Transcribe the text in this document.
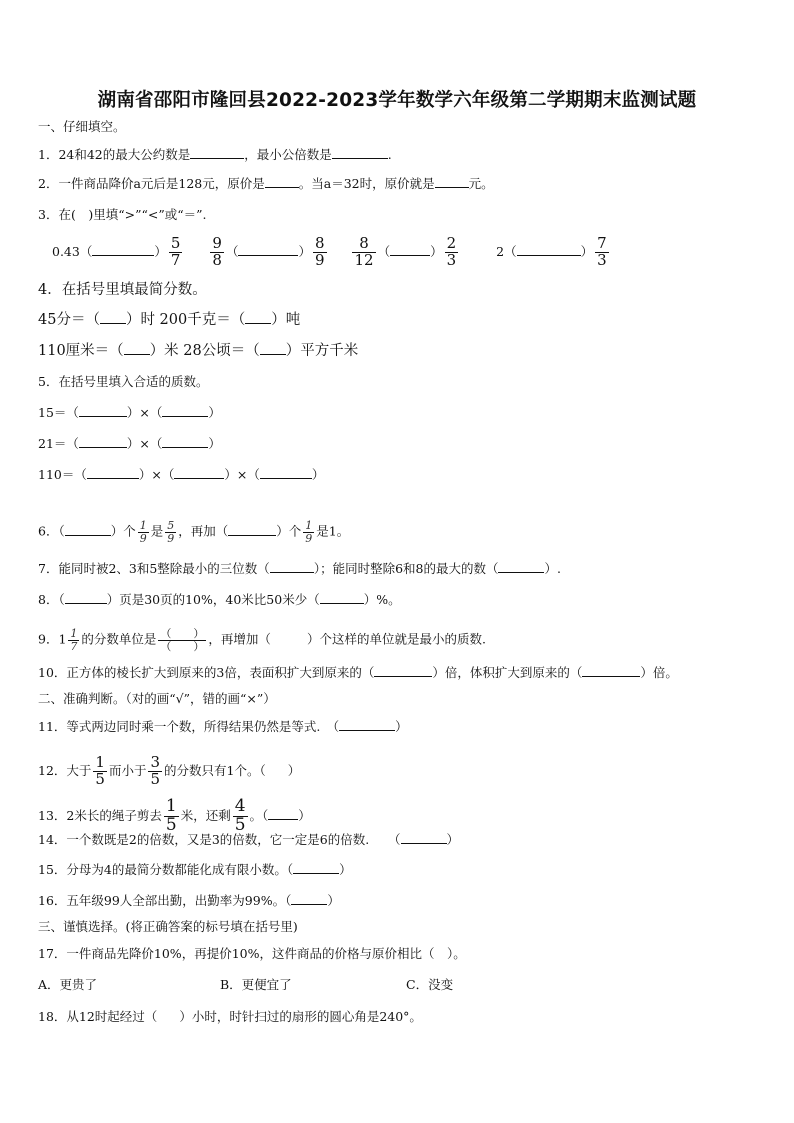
湖南省邵阳市隆回县2022-2023学年数学六年级第二学期期末监测试题
一、仔细填空。
1．24和42的最大公约数是	，最小公倍数是	.
2．一件商品降价a元后是128元，原价是	。当a＝32时，原价就是	元。
3．在(　)里填“>”“<”或“＝”.
0.43（	） $\frac{5}{7}$
$\frac{9}{8}$ （	） $\frac{8}{9}$
$\frac{8}{12}$ （	） $\frac{2}{3}$	2（	） $\frac{7}{3}$
4．在括号里填最简分数。
45分＝（ ）时 200千克＝（ ）吨
110厘米＝（ ）米 28公顷＝（ ）平方千米
5．在括号里填入合适的质数。
15＝（	）×（	）
21＝（	）×（	）
110＝（	）×（	）×（	）
6．（	）个 $\frac{1}{9}$ 是 $\frac{5}{9}$ ，再加（	）个 $\frac{1}{9}$ 是1。
7．能同时被2、3和5整除最小的三位数（	）；能同时整除6和8的最大的数（	）.
8．（	）页是30页的10%，40米比50米少（	）%。
9．$1 \frac{1}{7}$ 的分数单位是 $\frac{( )}{( )}$ ，再增加（	）个这样的单位就是最小的质数.
10．正方体的棱长扩大到原来的3倍，表面积扩大到原来的（	）倍，体积扩大到原来的（	）倍。
二、准确判断。（对的画“√”，错的画“×”）
11．等式两边同时乘一个数，所得结果仍然是等式.　（	）
12．大于 $\frac{1}{5}$ 而小于 $\frac{3}{5}$ 的分数只有1个。（ ）
13．2米长的绳子剪去 $\frac{1}{5}$ 米，还剩 $\frac{4}{5}$ 。（ ）
14．一个数既是2的倍数，又是3的倍数，它一定是6的倍数.　　（	）
15．分母为4的最简分数都能化成有限小数。（	）
16．五年级99人全部出勤，出勤率为99%。（	）
三、谨慎选择。(将正确答案的标号填在括号里)
17．一件商品先降价10%，再提价10%，这件商品的价格与原价相比（　）。
A．更贵了	B．更便宜了	C．没变
18．从12时起经过（ ）小时，时针扫过的扇形的圆心角是240°。
